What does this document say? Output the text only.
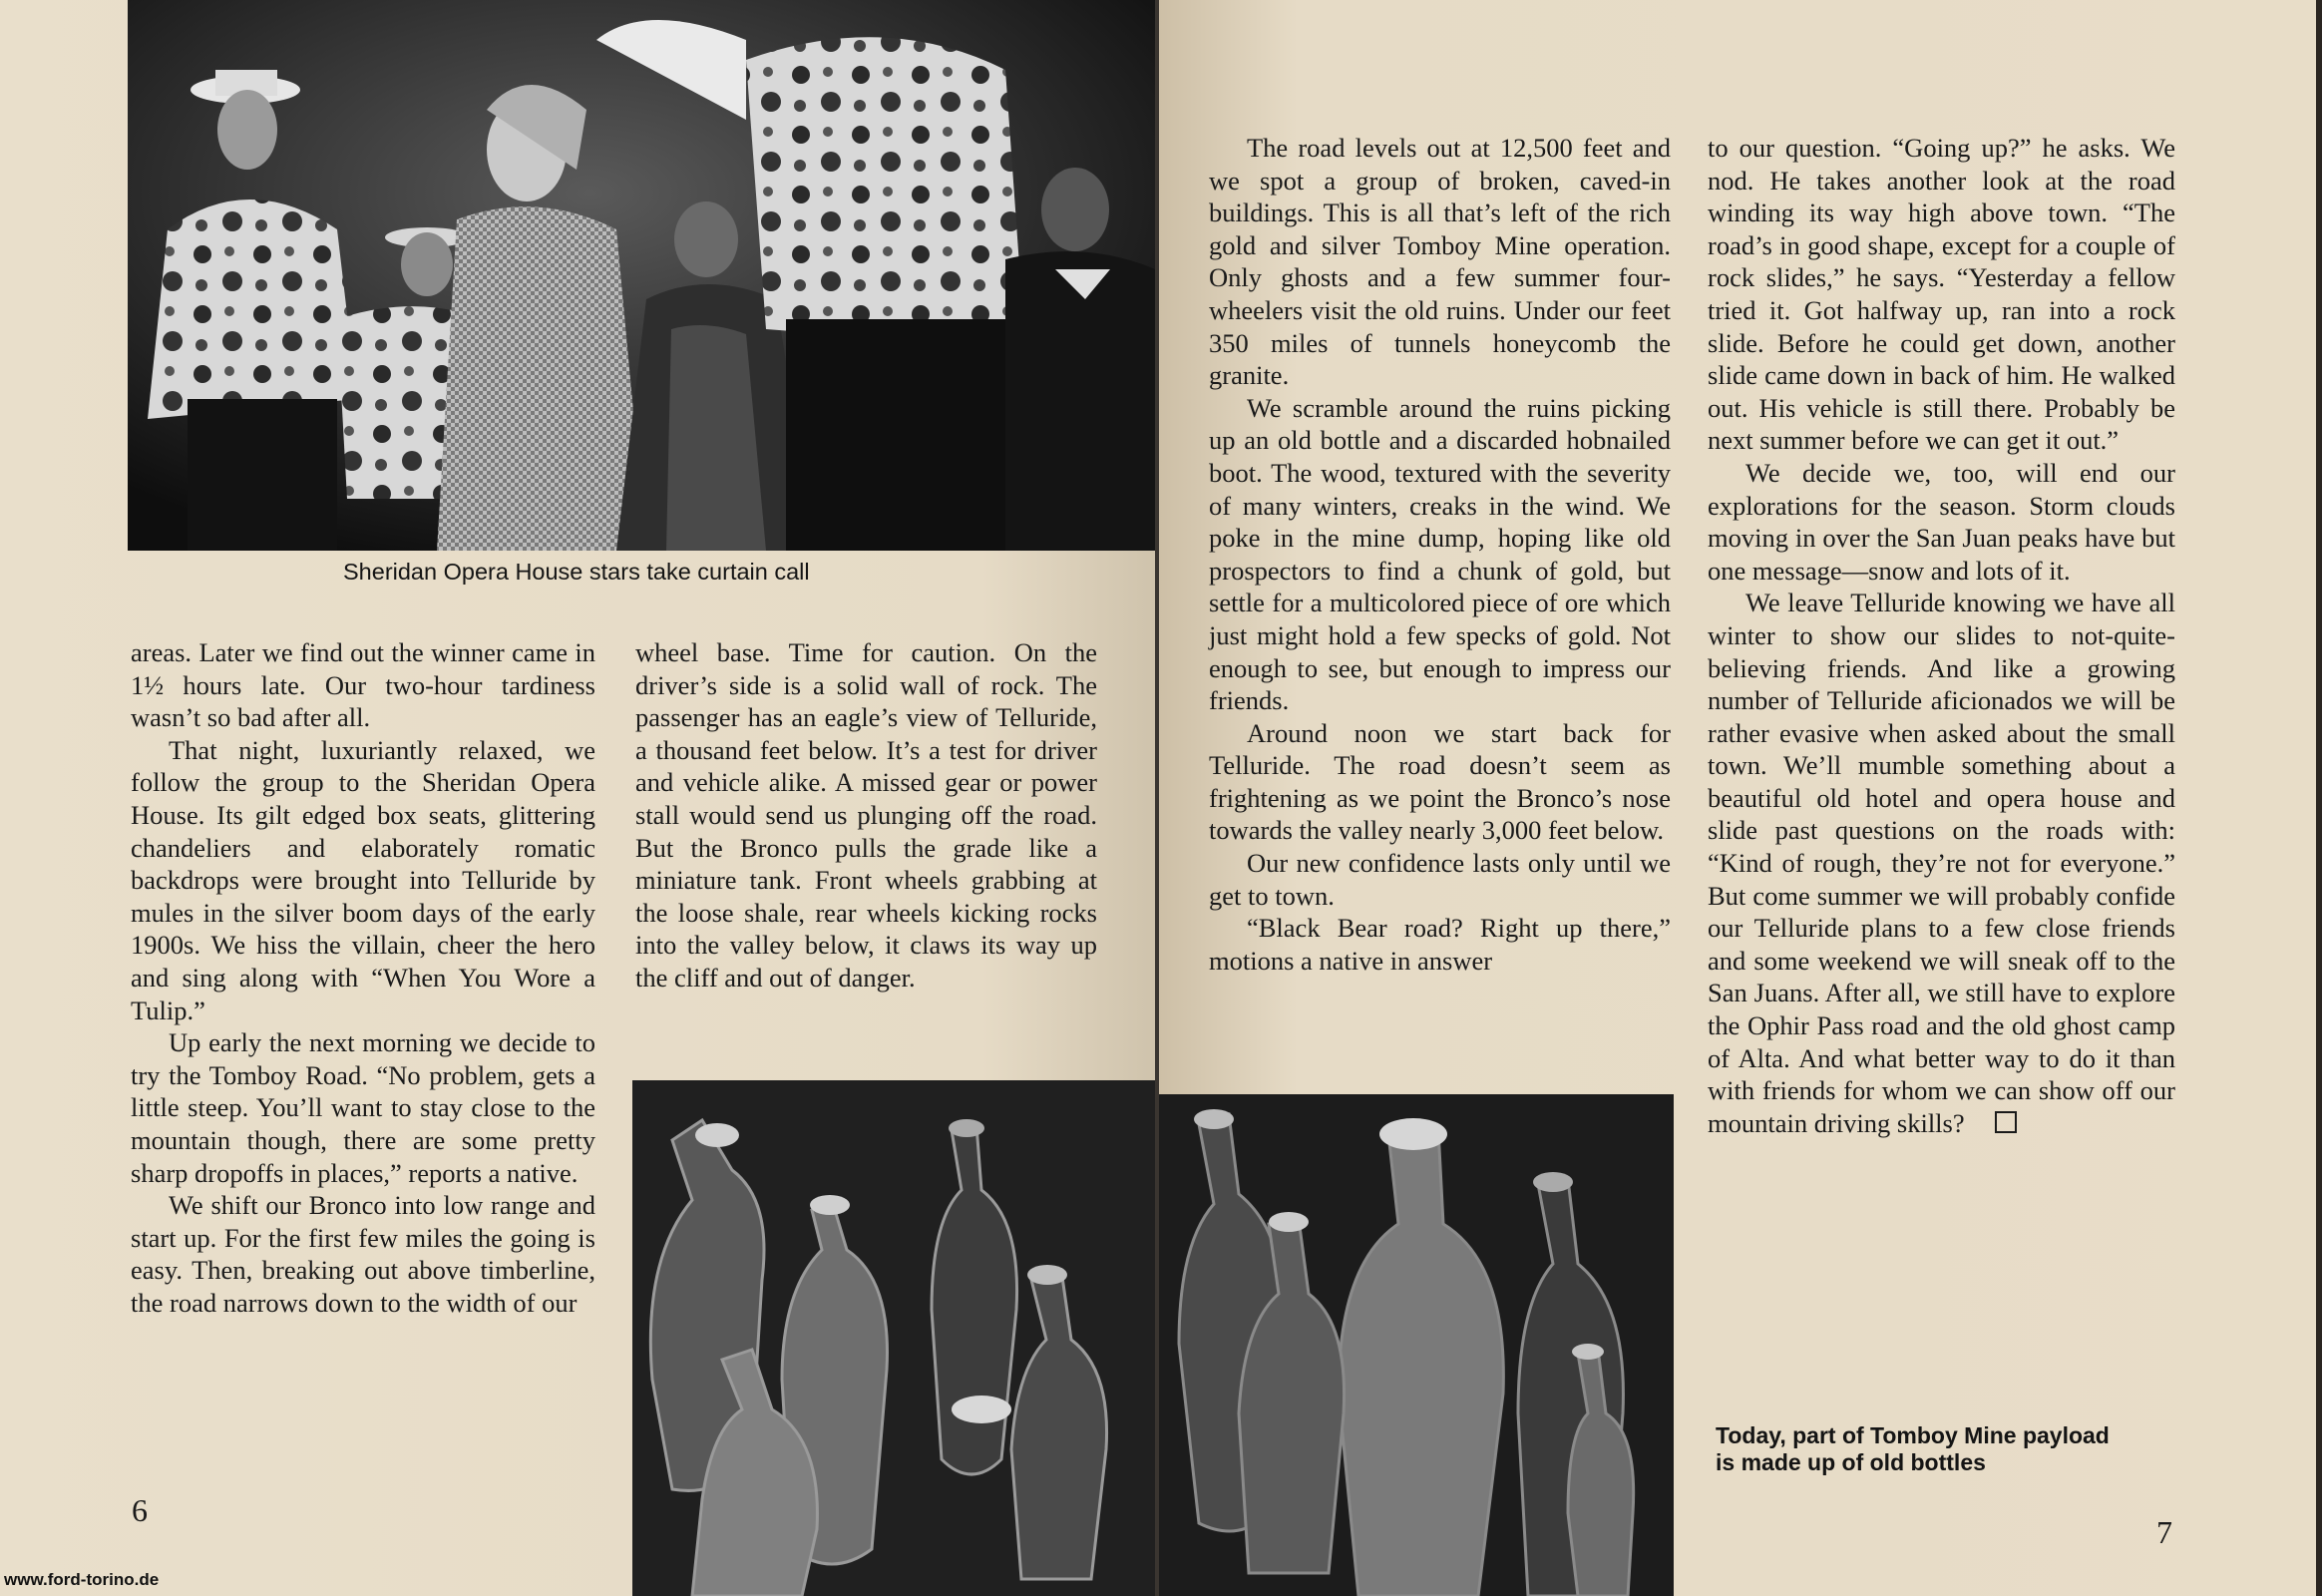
Sheridan Opera House stars take curtain call

areas. Later we find out the winner came in 1½ hours late. Our two-hour tardiness wasn’t so bad after all.

That night, luxuriantly relaxed, we follow the group to the Sheridan Opera House. Its gilt edged box seats, glittering chandeliers and elaborately romatic backdrops were brought into Telluride by mules in the silver boom days of the early 1900s. We hiss the villain, cheer the hero and sing along with “When You Wore a Tulip.”

Up early the next morning we decide to try the Tomboy Road. “No problem, gets a little steep. You’ll want to stay close to the mountain though, there are some pretty sharp dropoffs in places,” reports a native.

We shift our Bronco into low range and start up. For the first few miles the going is easy. Then, breaking out above timberline, the road narrows down to the width of our

wheel base. Time for caution. On the driver’s side is a solid wall of rock. The passenger has an eagle’s view of Telluride, a thousand feet below. It’s a test for driver and vehicle alike. A missed gear or power stall would send us plunging off the road. But the Bronco pulls the grade like a miniature tank. Front wheels grabbing at the loose shale, rear wheels kicking rocks into the valley below, it claws its way up the cliff and out of danger.

6
www.ford-torino.de

The road levels out at 12,500 feet and we spot a group of broken, caved-in buildings. This is all that’s left of the rich gold and silver Tomboy Mine operation. Only ghosts and a few summer four-wheelers visit the old ruins. Under our feet 350 miles of tunnels honeycomb the granite.

We scramble around the ruins picking up an old bottle and a discarded hobnailed boot. The wood, textured with the severity of many winters, creaks in the wind. We poke in the mine dump, hoping like old prospectors to find a chunk of gold, but settle for a multicolored piece of ore which just might hold a few specks of gold. Not enough to see, but enough to impress our friends.

Around noon we start back for Telluride. The road doesn’t seem as frightening as we point the Bronco’s nose towards the valley nearly 3,000 feet below.

Our new confidence lasts only until we get to town.

“Black Bear road? Right up there,” motions a native in answer

to our question. “Going up?” he asks. We nod. He takes another look at the road winding its way high above town. “The road’s in good shape, except for a couple of rock slides,” he says. “Yesterday a fellow tried it. Got halfway up, ran into a rock slide. Before he could get down, another slide came down in back of him. He walked out. His vehicle is still there. Probably be next summer before we can get it out.”

We decide we, too, will end our explorations for the season. Storm clouds moving in over the San Juan peaks have but one message—snow and lots of it.

We leave Telluride knowing we have all winter to show our slides to not-quite-believing friends. And like a growing number of Telluride aficionados we will be rather evasive when asked about the small town. We’ll mumble something about a beautiful old hotel and opera house and slide past questions on the roads with: “Kind of rough, they’re not for everyone.” But come summer we will probably confide our Telluride plans to a few close friends and some weekend we will sneak off to the San Juans. After all, we still have to explore the Ophir Pass road and the old ghost camp of Alta. And what better way to do it than with friends for whom we can show off our mountain driving skills?

Today, part of Tomboy Mine payload
is made up of old bottles
7
